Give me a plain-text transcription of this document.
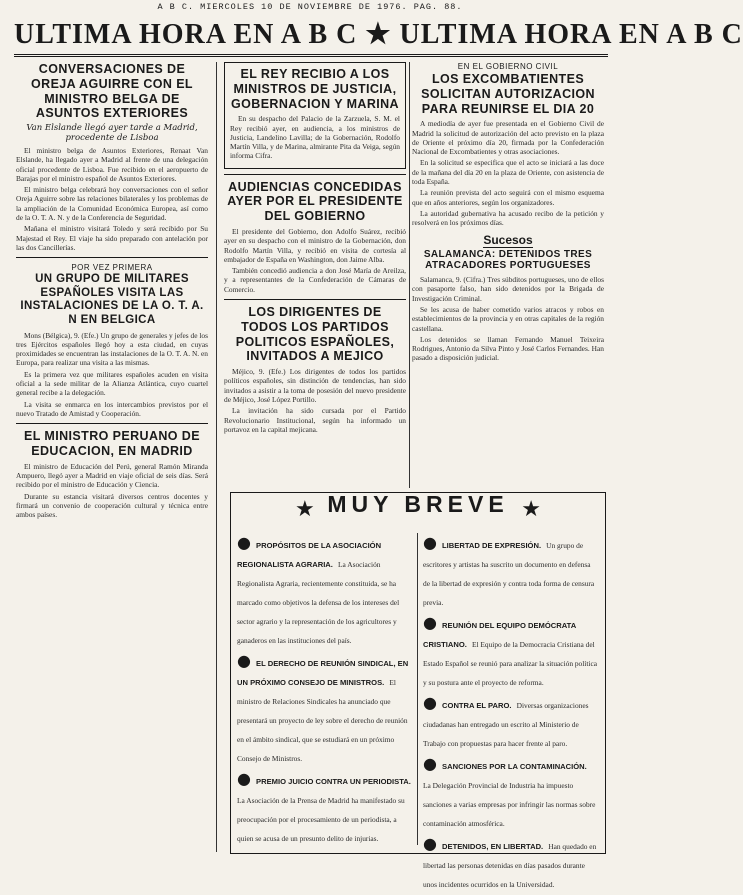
A B C. MIERCOLES 10 DE NOVIEMBRE DE 1976. PAG. 88.
ULTIMA HORA EN A B C ★ ULTIMA HORA EN A B C
CONVERSACIONES DE OREJA AGUIRRE CON EL MINISTRO BELGA DE ASUNTOS EXTERIORES
Van Elslande llegó ayer tarde a Madrid, procedente de Lisboa

El ministro belga de Asuntos Exteriores, Renaat Van Elslande, ha llegado ayer a Madrid al frente de una delegación oficial procedente de Lisboa. Fue recibido en el aeropuerto de Barajas por el ministro español de Asuntos Exteriores.

El ministro belga celebrará hoy conversaciones con el señor Oreja Aguirre sobre las relaciones bilaterales y los problemas de la ampliación de la Comunidad Económica Europea, así como de la O. T. A. N. y de la Conferencia de Seguridad.

Mañana el ministro visitará Toledo y será recibido por Su Majestad el Rey. El viaje ha sido preparado con antelación por las dos Cancillerías.

POR VEZ PRIMERA
UN GRUPO DE MILITARES ESPAÑOLES VISITA LAS INSTALACIONES DE LA O. T. A. N EN BELGICA

Mons (Bélgica), 9. (Efe.) Un grupo de generales y jefes de los tres Ejércitos españoles llegó hoy a esta ciudad, en cuyas proximidades se encuentran las instalaciones de la O. T. A. N. en Europa, para realizar una visita a las mismas.

Es la primera vez que militares españoles acuden en visita oficial a la sede militar de la Alianza Atlántica, cuyo cuartel general recibe a la delegación.

La visita se enmarca en los intercambios previstos por el nuevo Tratado de Amistad y Cooperación.

EL MINISTRO PERUANO DE EDUCACION, EN MADRID

El ministro de Educación del Perú, general Ramón Miranda Ampuero, llegó ayer a Madrid en viaje oficial de seis días. Será recibido por el ministro de Educación y Ciencia.

Durante su estancia visitará diversos centros docentes y firmará un convenio de cooperación cultural y técnica entre ambos países.

EL REY RECIBIO A LOS MINISTROS DE JUSTICIA, GOBERNACION Y MARINA

En su despacho del Palacio de la Zarzuela, S. M. el Rey recibió ayer, en audiencia, a los ministros de Justicia, Landelino Lavilla; de la Gobernación, Rodolfo Martín Villa, y de Marina, almirante Pita da Veiga, según informa Cifra.

AUDIENCIAS CONCEDIDAS AYER POR EL PRESIDENTE DEL GOBIERNO

El presidente del Gobierno, don Adolfo Suárez, recibió ayer en su despacho con el ministro de la Gobernación, don Rodolfo Martín Villa, y recibió en visita de cortesía al embajador de España en Washington, don Jaime Alba.

También concedió audiencia a don José María de Areilza, y a representantes de la Confederación de Cámaras de Comercio.

LOS DIRIGENTES DE TODOS LOS PARTIDOS POLITICOS ESPAÑOLES, INVITADOS A MEJICO

Méjico, 9. (Efe.) Los dirigentes de todos los partidos políticos españoles, sin distinción de tendencias, han sido invitados a asistir a la toma de posesión del nuevo presidente de Méjico, José López Portillo.

La invitación ha sido cursada por el Partido Revolucionario Institucional, según ha informado un portavoz en la capital mejicana.

EN EL GOBIERNO CIVIL
LOS EXCOMBATIENTES SOLICITAN AUTORIZACION PARA REUNIRSE EL DIA 20

A mediodía de ayer fue presentada en el Gobierno Civil de Madrid la solicitud de autorización del acto previsto en la plaza de Oriente el próximo día 20, firmada por la Confederación Nacional de Excombatientes y otras asociaciones.

En la solicitud se especifica que el acto se iniciará a las doce de la mañana del día 20 en la plaza de Oriente, con asistencia de toda España.

La reunión prevista del acto seguirá con el mismo esquema que en años anteriores, según los organizadores.

La autoridad gubernativa ha acusado recibo de la petición y resolverá en los próximos días.

Sucesos
SALAMANCA: DETENIDOS TRES ATRACADORES PORTUGUESES

Salamanca, 9. (Cifra.) Tres súbditos portugueses, uno de ellos con pasaporte falso, han sido detenidos por la Brigada de Investigación Criminal.

Se les acusa de haber cometido varios atracos y robos en establecimientos de la provincia y en otras capitales de la región castellana.

Los detenidos se llaman Fernando Manuel Teixeira Rodrigues, Antonio da Silva Pinto y José Carlos Fernandes. Han pasado a disposición judicial.

★ MUY BREVE ★
● PROPÓSITOS DE LA ASOCIACIÓN REGIONALISTA AGRARIA. La Asociación Regionalista Agraria, recientemente constituida, se ha marcado como objetivos la defensa de los intereses del sector agrario y la representación de los agricultores y ganaderos en las instituciones del país.
● EL DERECHO DE REUNIÓN SINDICAL, EN UN PRÓXIMO CONSEJO DE MINISTROS. El ministro de Relaciones Sindicales ha anunciado que presentará un proyecto de ley sobre el derecho de reunión en el ámbito sindical, que se estudiará en un próximo Consejo de Ministros.
● PREMIO JUICIO CONTRA UN PERIODISTA. La Asociación de la Prensa de Madrid ha manifestado su preocupación por el procesamiento de un periodista, a quien se acusa de un presunto delito de injurias.
● LIBERTAD DE EXPRESIÓN. Un grupo de escritores y artistas ha suscrito un documento en defensa de la libertad de expresión y contra toda forma de censura previa.
● REUNIÓN DEL EQUIPO DEMÓCRATA CRISTIANO. El Equipo de la Democracia Cristiana del Estado Español se reunió para analizar la situación política y su postura ante el proyecto de reforma.
● CONTRA EL PARO. Diversas organizaciones ciudadanas han entregado un escrito al Ministerio de Trabajo con propuestas para hacer frente al paro.
● SANCIONES POR LA CONTAMINACIÓN. La Delegación Provincial de Industria ha impuesto sanciones a varias empresas por infringir las normas sobre contaminación atmosférica.
● DETENIDOS, EN LIBERTAD. Han quedado en libertad las personas detenidas en días pasados durante unos incidentes ocurridos en la Universidad.
